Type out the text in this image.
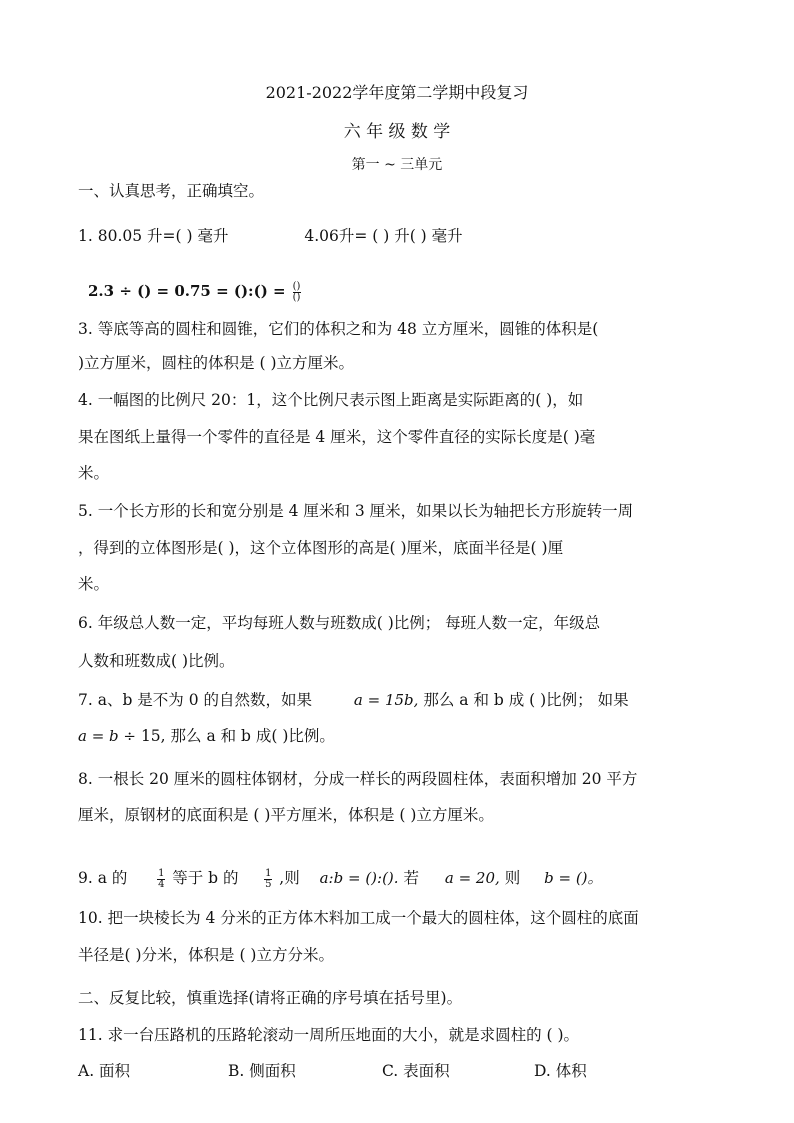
2021-2022学年度第二学期中段复习
六 年 级 数 学
第一 ~ 三单元
一、认真思考，正确填空。
1. 80.05 升=( ) 毫升	4.06升= ( ) 升( ) 毫升
2.3 ÷ () = 0.75 = ():() = $\frac{()}{()}$
3. 等底等高的圆柱和圆锥，它们的体积之和为 48 立方厘米，圆锥的体积是(
)立方厘米，圆柱的体积是 ( )立方厘米。
4. 一幅图的比例尺 20：1，这个比例尺表示图上距离是实际距离的( )，如
果在图纸上量得一个零件的直径是 4 厘米，这个零件直径的实际长度是( )毫
米。
5. 一个长方形的长和宽分别是 4 厘米和 3 厘米，如果以长为轴把长方形旋转一周
，得到的立体图形是( )，这个立体图形的高是( )厘米，底面半径是( )厘
米。
6. 年级总人数一定，平均每班人数与班数成( )比例； 每班人数一定，年级总
人数和班数成( )比例。
7. a、b 是不为 0 的自然数，如果	a = 15b, 那么 a 和 b 成 ( )比例； 如果
a = b ÷ 15, 那么 a 和 b 成( )比例。
8. 一根长 20 厘米的圆柱体钢材，分成一样长的两段圆柱体，表面积增加 20 平方
厘米，原钢材的底面积是 ( )平方厘米，体积是 ( )立方厘米。
9. a 的	$\frac{1}{4}$ 等于 b 的	$\frac{1}{5}$ ,则 a:b = ():(). 若 a = 20, 则 b = ()。
10. 把一块棱长为 4 分米的正方体木料加工成一个最大的圆柱体，这个圆柱的底面
半径是( )分米，体积是 ( )立方分米。
二、反复比较，慎重选择(请将正确的序号填在括号里)。
11. 求一台压路机的压路轮滚动一周所压地面的大小，就是求圆柱的 ( )。
A. 面积	B. 侧面积	C. 表面积	D. 体积
